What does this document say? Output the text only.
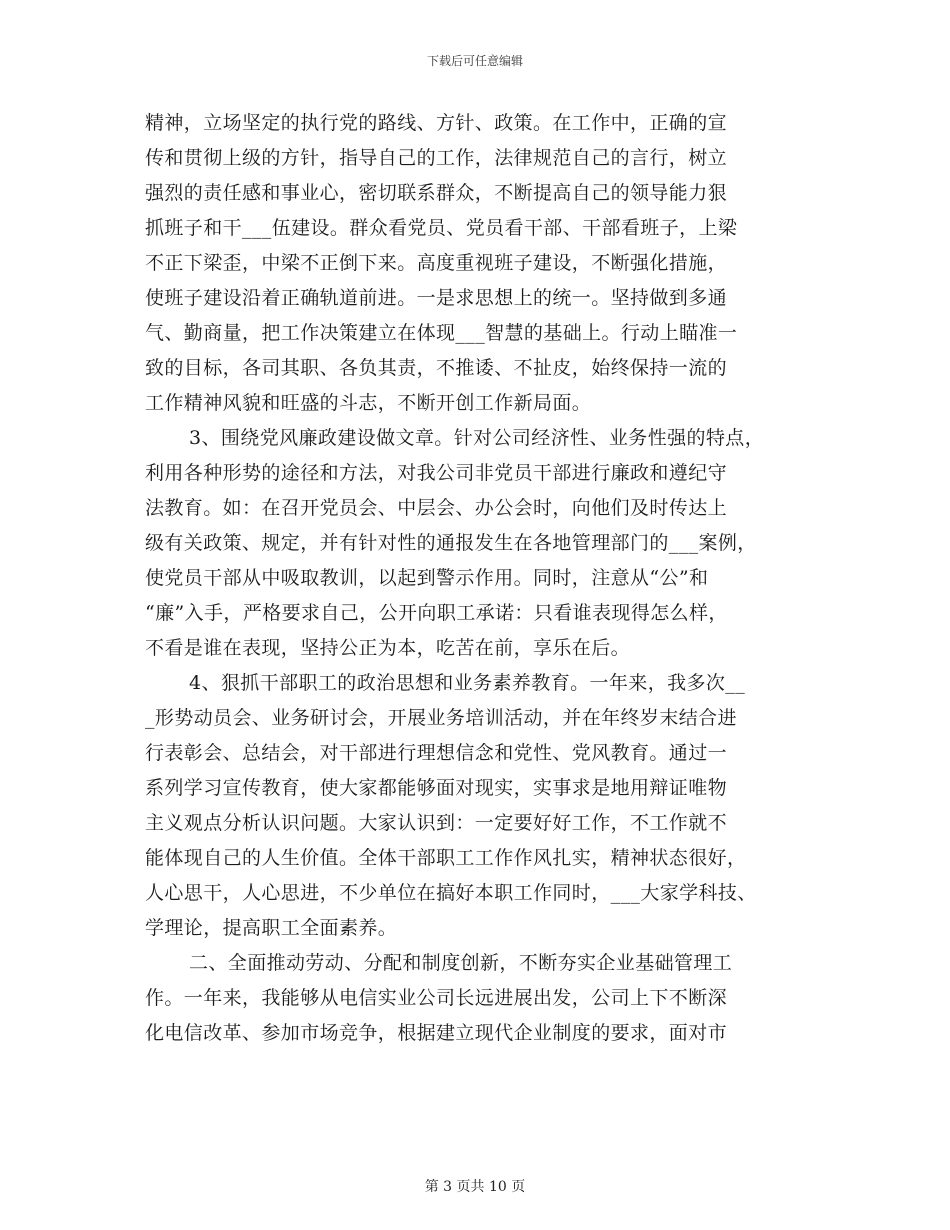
下载后可任意编辑
精神，立场坚定的执行党的路线、方针、政策。在工作中，正确的宣
传和贯彻上级的方针，指导自己的工作，法律规范自己的言行，树立
强烈的责任感和事业心，密切联系群众，不断提高自己的领导能力狠
抓班子和干___伍建设。群众看党员、党员看干部、干部看班子，上梁
不正下梁歪，中梁不正倒下来。高度重视班子建设，不断强化措施，
使班子建设沿着正确轨道前进。一是求思想上的统一。坚持做到多通
气、勤商量，把工作决策建立在体现___智慧的基础上。行动上瞄准一
致的目标，各司其职、各负其责，不推诿、不扯皮，始终保持一流的
工作精神风貌和旺盛的斗志，不断开创工作新局面。
3、围绕党风廉政建设做文章。针对公司经济性、业务性强的特点，
利用各种形势的途径和方法，对我公司非党员干部进行廉政和遵纪守
法教育。如：在召开党员会、中层会、办公会时，向他们及时传达上
级有关政策、规定，并有针对性的通报发生在各地管理部门的___案例，
使党员干部从中吸取教训，以起到警示作用。同时，注意从“公”和
“廉”入手，严格要求自己，公开向职工承诺：只看谁表现得怎么样，
不看是谁在表现，坚持公正为本，吃苦在前，享乐在后。
4、狠抓干部职工的政治思想和业务素养教育。一年来，我多次__
_形势动员会、业务研讨会，开展业务培训活动，并在年终岁末结合进
行表彰会、总结会，对干部进行理想信念和党性、党风教育。通过一
系列学习宣传教育，使大家都能够面对现实，实事求是地用辩证唯物
主义观点分析认识问题。大家认识到：一定要好好工作，不工作就不
能体现自己的人生价值。全体干部职工工作作风扎实，精神状态很好，
人心思干，人心思进，不少单位在搞好本职工作同时，___大家学科技、
学理论，提高职工全面素养。
二、全面推动劳动、分配和制度创新，不断夯实企业基础管理工
作。一年来，我能够从电信实业公司长远进展出发，公司上下不断深
化电信改革、参加市场竞争，根据建立现代企业制度的要求，面对市
第 3 页共 10 页
